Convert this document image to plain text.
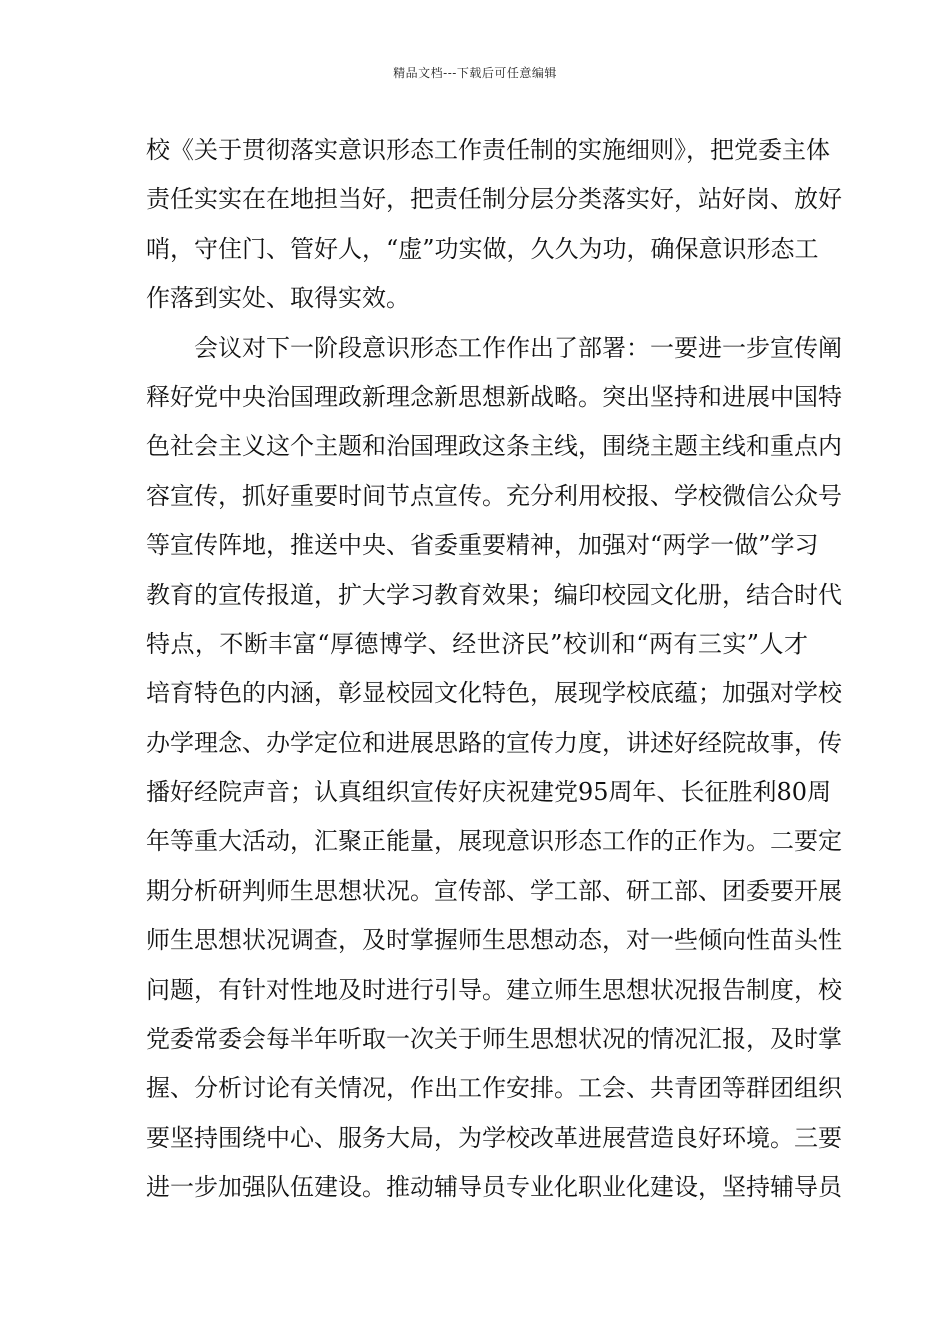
精品文档---下载后可任意编辑
校《关于贯彻落实意识形态工作责任制的实施细则》，把党委主体
责任实实在在地担当好，把责任制分层分类落实好，站好岗、放好
哨，守住门、管好人，“虚”功实做，久久为功，确保意识形态工
作落到实处、取得实效。
会议对下一阶段意识形态工作作出了部署：一要进一步宣传阐
释好党中央治国理政新理念新思想新战略。突出坚持和进展中国特
色社会主义这个主题和治国理政这条主线，围绕主题主线和重点内
容宣传，抓好重要时间节点宣传。充分利用校报、学校微信公众号
等宣传阵地，推送中央、省委重要精神，加强对“两学一做”学习
教育的宣传报道，扩大学习教育效果；编印校园文化册，结合时代
特点，不断丰富“厚德博学、经世济民”校训和“两有三实”人才
培育特色的内涵，彰显校园文化特色，展现学校底蕴；加强对学校
办学理念、办学定位和进展思路的宣传力度，讲述好经院故事，传
播好经院声音；认真组织宣传好庆祝建党95周年、长征胜利80周
年等重大活动，汇聚正能量，展现意识形态工作的正作为。二要定
期分析研判师生思想状况。宣传部、学工部、研工部、团委要开展
师生思想状况调查，及时掌握师生思想动态，对一些倾向性苗头性
问题，有针对性地及时进行引导。建立师生思想状况报告制度，校
党委常委会每半年听取一次关于师生思想状况的情况汇报，及时掌
握、分析讨论有关情况，作出工作安排。工会、共青团等群团组织
要坚持围绕中心、服务大局，为学校改革进展营造良好环境。三要
进一步加强队伍建设。推动辅导员专业化职业化建设，坚持辅导员
